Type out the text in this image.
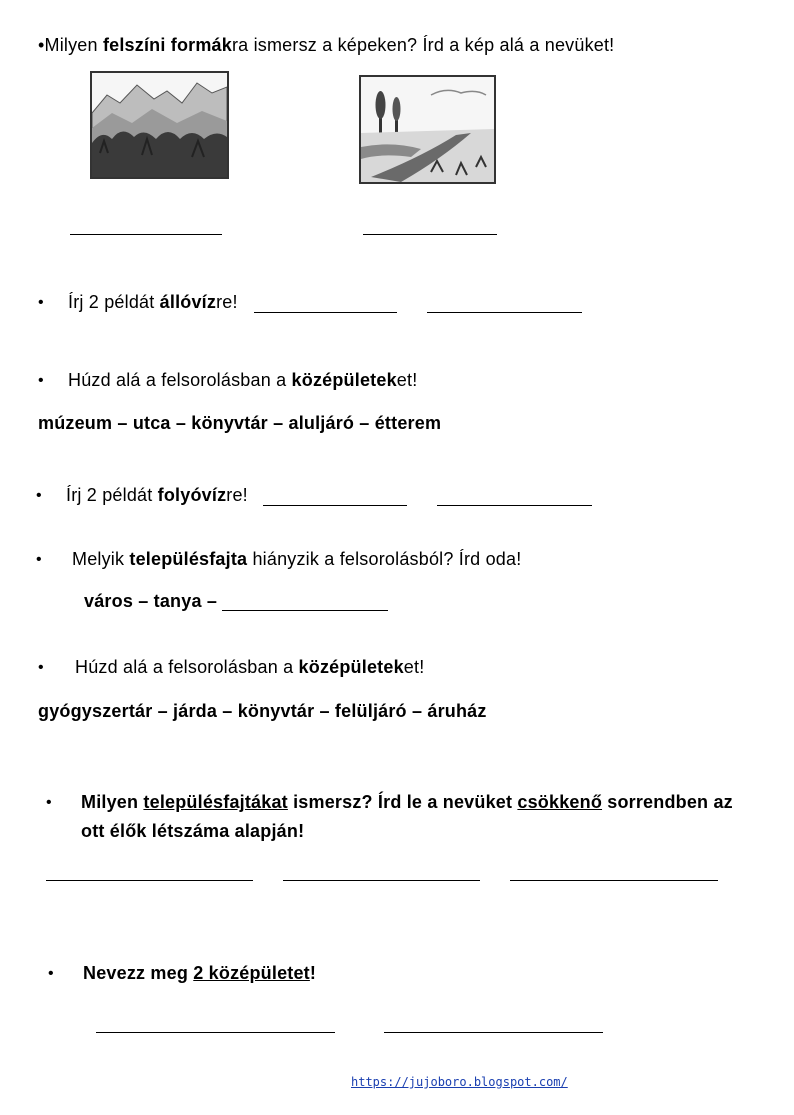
•Milyen felszíni formákra ismersz a képeken? Írd a kép alá a nevüket!
• Írj 2 példát állóvízre!
• Húzd alá a felsorolásban a középületeket!
múzeum – utca – könyvtár – aluljáró – étterem
• Írj 2 példát folyóvízre!
• Melyik településfajta hiányzik a felsorolásból? Írd oda!
város – tanya –
• Húzd alá a felsorolásban a középületeket!
gyógyszertár – járda – könyvtár – felüljáró – áruház
• Milyen településfajtákat ismersz? Írd le a nevüket csökkenő sorrendben az
ott élők létszáma alapján!
• Nevezz meg 2 középületet!
https://jujoboro.blogspot.com/
